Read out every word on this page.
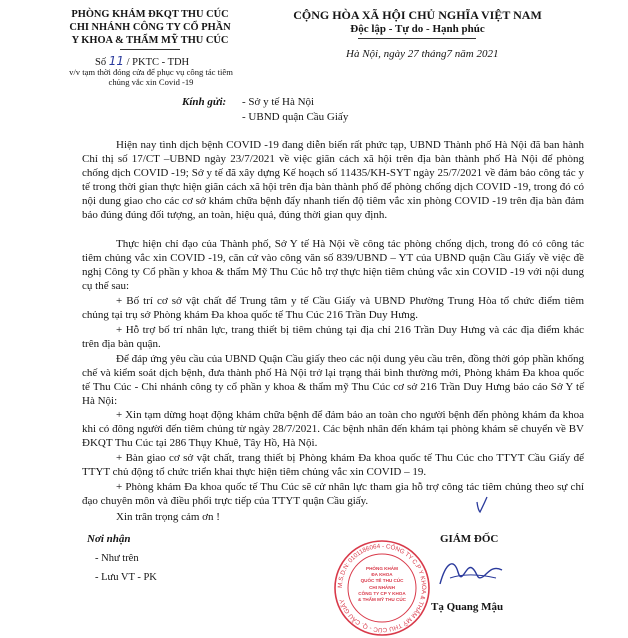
PHÒNG KHÁM ĐKQT THU CÚC
CHI NHÁNH CÔNG TY CỔ PHẦN
Y KHOA & THẨM MỸ THU CÚC
CỘNG HÒA XÃ HỘI CHỦ NGHĨA VIỆT NAM
Độc lập - Tự do - Hạnh phúc
Hà Nội, ngày 27 tháng7 năm 2021
Số 11 / PKTC - TDH
v/v tạm thời đóng cửa để phục vụ công tác tiêm
chủng vắc xin Covid -19
Kính gửi: - Sở y tế Hà Nội
- UBND quận Cầu Giấy
Hiện nay tình dịch bệnh COVID -19 đang diễn biến rất phức tạp, UBND Thành phố Hà Nội đã ban hành Chỉ thị số 17/CT –UBND ngày 23/7/2021 về việc giãn cách xã hội trên địa bàn thành phố Hà Nội để phòng chống dịch COVID -19; Sở y tế đã xây dựng Kế hoạch số 11435/KH-SYT ngày 25/7/2021 về đảm bảo công tác y tế trong thời gian thực hiện giãn cách xã hội trên địa bàn thành phố để phòng chống dịch COVID -19, trong đó có nội dung giao cho các cơ sở khám chữa bệnh đẩy nhanh tiến độ tiêm vắc xin phòng COVID -19 trên địa bàn đảm bảo đúng đúng đối tượng, an toàn, hiệu quả, đúng thời gian quy định.
Thực hiện chỉ đạo của Thành phố, Sở Y tế Hà Nội về công tác phòng chống dịch, trong đó có công tác tiêm chủng vắc xin COVID -19, căn cứ vào công văn số 839/UBND – YT của UBND quận Cầu Giấy về việc đề nghị Công ty Cổ phần y khoa & thẩm Mỹ Thu Cúc hỗ trợ thực hiện tiêm chủng vắc xin COVID -19 với nội dung cụ thể sau:
+ Bố trí cơ sở vật chất để Trung tâm y tế Cầu Giấy và UBND Phường Trung Hòa tổ chức điểm tiêm chủng tại trụ sở Phòng khám Đa khoa quốc tế Thu Cúc 216 Trần Duy Hưng.
+ Hỗ trợ bố trí nhân lực, trang thiết bị tiêm chủng tại địa chỉ 216 Trần Duy Hưng và các địa điểm khác trên địa bàn quận.
Để đáp ứng yêu cầu của UBND Quận Cầu giấy theo các nội dung yêu cầu trên, đồng thời góp phần khống chế và kiểm soát dịch bệnh, đưa thành phố Hà Nội trở lại trạng thái bình thường mới, Phòng khám Đa khoa quốc tế Thu Cúc - Chi nhánh công ty cổ phần y khoa & thẩm mỹ Thu Cúc cơ sở 216 Trần Duy Hưng báo cáo Sở Y tế Hà Nội:
+ Xin tạm dừng hoạt động khám chữa bệnh để đảm bảo an toàn cho người bệnh đến phòng khám đa khoa khi có đông người đến tiêm chủng từ ngày 28/7/2021. Các bệnh nhân đến khám tại phòng khám sẽ chuyển về BV ĐKQT Thu Cúc tại 286 Thụy Khuê, Tây Hồ, Hà Nội.
+ Bàn giao cơ sở vật chất, trang thiết bị Phòng khám Đa khoa quốc tế Thu Cúc cho TTYT Cầu Giấy để TTYT chủ động tổ chức triển khai thực hiện tiêm chủng vắc xin COVID – 19.
+ Phòng khám Đa khoa quốc tế Thu Cúc sẽ cử nhân lực tham gia hỗ trợ công tác tiêm chủng theo sự chỉ đạo chuyên môn và điều phối trực tiếp của TTYT quận Cầu giấy.
Xin trân trọng cảm ơn !
Nơi nhận
- Như trên
- Lưu VT - PK
M.S.D.N: 0101186064 - CÔNG TY C.P Y KHOA & THẨM MỸ THU CÚC - Q. CẦU GIẤY
PHÒNG KHÁM
ĐA KHOA
QUỐC TẾ THU CÚC
CHI NHÁNH
CÔNG TY CP Y KHOA
& THẨM MỸ THU CÚC
GIÁM ĐỐC
Tạ Quang Mậu
